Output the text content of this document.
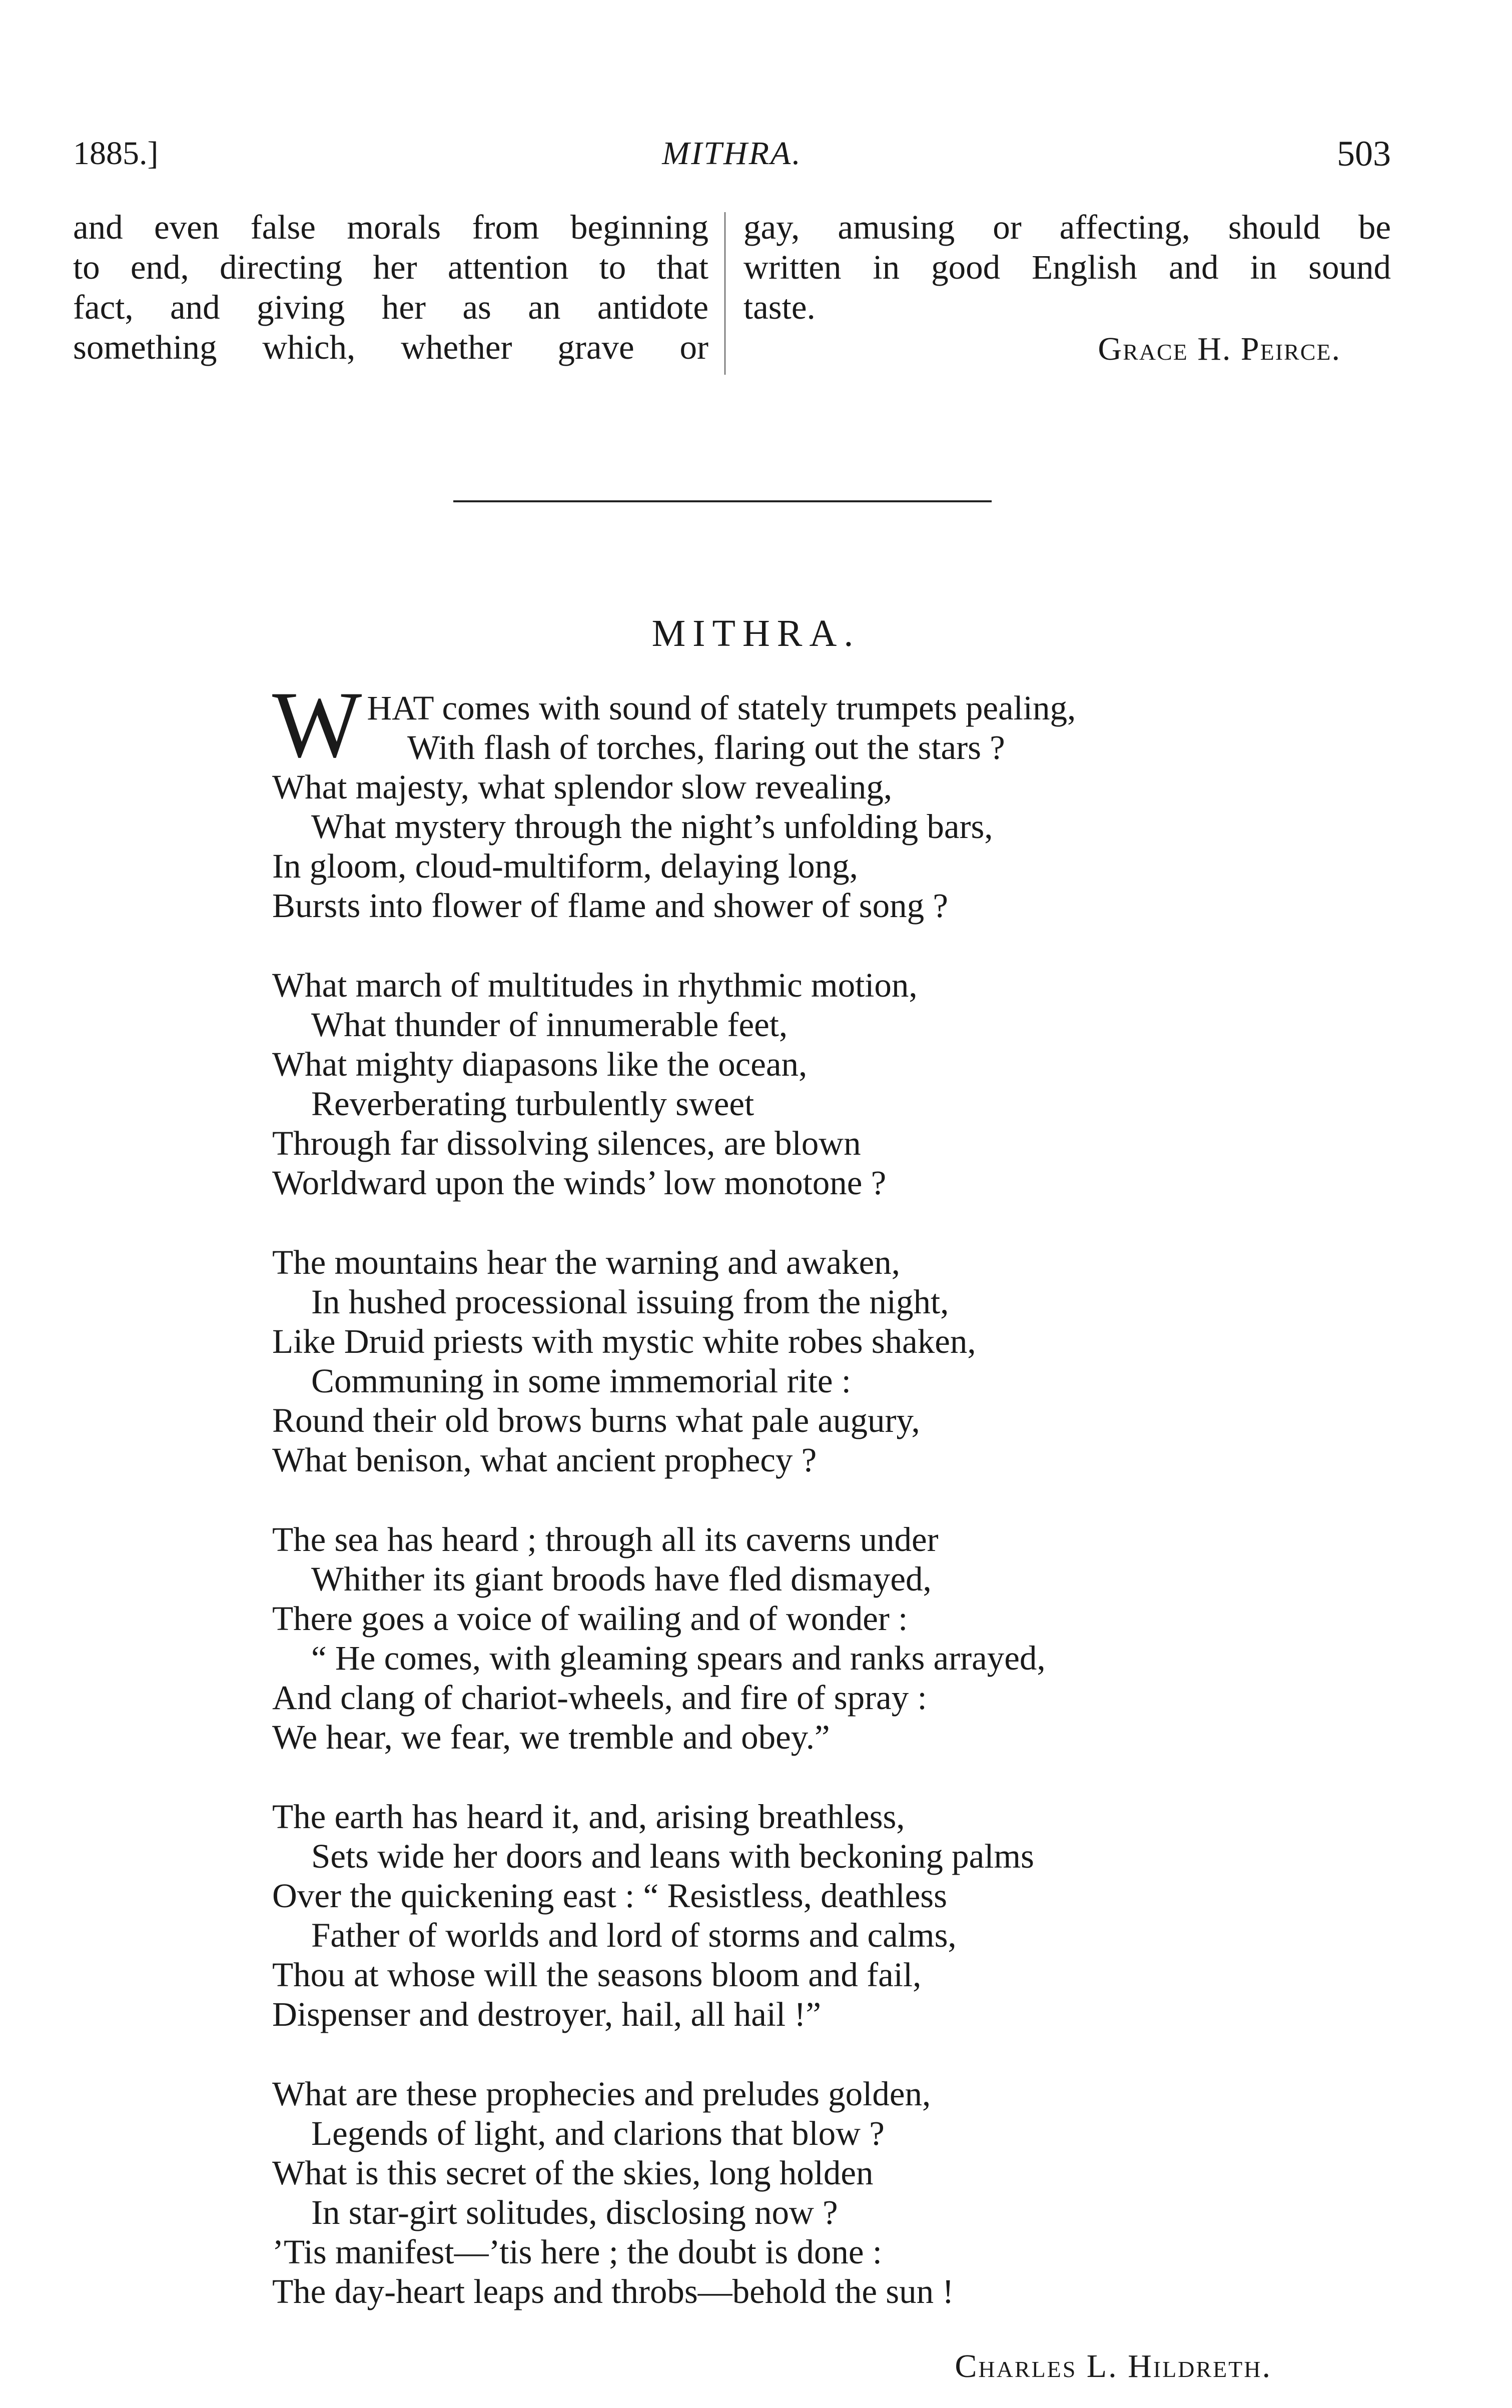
1885.]	MITHRA.	503
and even false morals from beginning
to end, directing her attention to that
fact, and giving her as an antidote
something which, whether grave or
gay, amusing or affecting, should be
written in good English and in sound
taste.
Grace H. Peirce.
MITHRA.
W HAT comes with sound of stately trumpets pealing,
With flash of torches, flaring out the stars ?
What majesty, what splendor slow revealing,
What mystery through the night’s unfolding bars,
In gloom, cloud-multiform, delaying long,
Bursts into flower of flame and shower of song ?
What march of multitudes in rhythmic motion,
What thunder of innumerable feet,
What mighty diapasons like the ocean,
Reverberating turbulently sweet
Through far dissolving silences, are blown
Worldward upon the winds’ low monotone ?
The mountains hear the warning and awaken,
In hushed processional issuing from the night,
Like Druid priests with mystic white robes shaken,
Communing in some immemorial rite :
Round their old brows burns what pale augury,
What benison, what ancient prophecy ?
The sea has heard ; through all its caverns under
Whither its giant broods have fled dismayed,
There goes a voice of wailing and of wonder :
“ He comes, with gleaming spears and ranks arrayed,
And clang of chariot-wheels, and fire of spray :
We hear, we fear, we tremble and obey.”
The earth has heard it, and, arising breathless,
Sets wide her doors and leans with beckoning palms
Over the quickening east : “ Resistless, deathless
Father of worlds and lord of storms and calms,
Thou at whose will the seasons bloom and fail,
Dispenser and destroyer, hail, all hail !”
What are these prophecies and preludes golden,
Legends of light, and clarions that blow ?
What is this secret of the skies, long holden
In star-girt solitudes, disclosing now ?
’Tis manifest—’tis here ; the doubt is done :
The day-heart leaps and throbs—behold the sun !
Charles L. Hildreth.
